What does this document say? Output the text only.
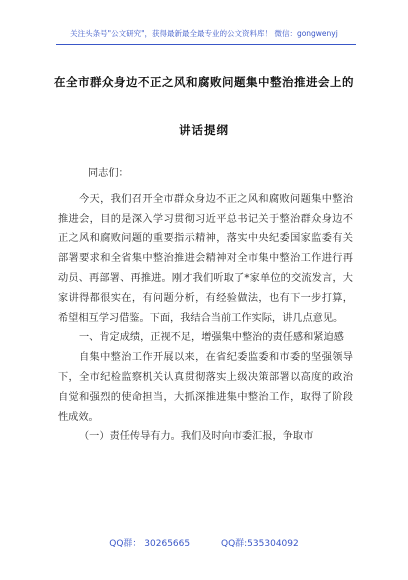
关注头条号"公文研究"，获得最新最全最专业的公文资料库！ 微信：gongwenyj
在全市群众身边不正之风和腐败问题集中整治推进会上的
讲话提纲

同志们：

今天，我们召开全市群众身边不正之风和腐败问题集中整治推进会，目的是深入学习贯彻习近平总书记关于整治群众身边不正之风和腐败问题的重要指示精神，落实中央纪委国家监委有关部署要求和全省集中整治推进会精神对全市集中整治工作进行再动员、再部署、再推进。刚才我们听取了*家单位的交流发言，大家讲得都很实在，有问题分析，有经验做法，也有下一步打算，希望相互学习借鉴。下面，我结合当前工作实际，讲几点意见。

一、肯定成绩，正视不足，增强集中整治的责任感和紧迫感

自集中整治工作开展以来，在省纪委监委和市委的坚强领导下，全市纪检监察机关认真贯彻落实上级决策部署以高度的政治自觉和强烈的使命担当，大抓深推进集中整治工作，取得了阶段性成效。

（一）责任传导有力。我们及时向市委汇报，争取市

QQ群： 30265665	QQ群:535304092
